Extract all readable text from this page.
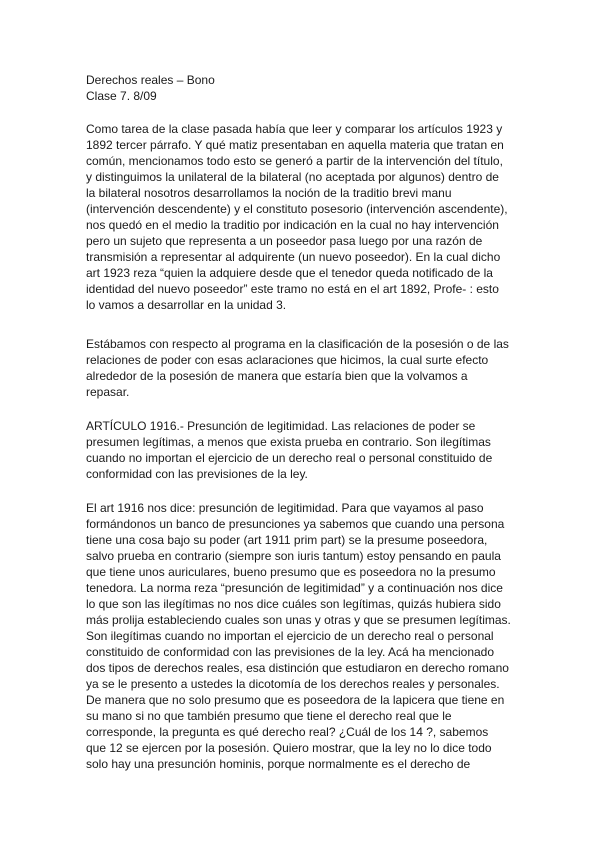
Derechos reales – Bono
Clase 7. 8/09
Como tarea de la clase pasada había que leer y comparar los artículos 1923 y
1892 tercer párrafo. Y qué matiz presentaban en aquella materia que tratan en
común, mencionamos todo esto se generó a partir de la intervención del título,
y distinguimos la unilateral de la bilateral (no aceptada por algunos) dentro de
la bilateral nosotros desarrollamos la noción de la traditio brevi manu
(intervención descendente) y el constituto posesorio (intervención ascendente),
nos quedó en el medio la traditio por indicación en la cual no hay intervención
pero un sujeto que representa a un poseedor pasa luego por una razón de
transmisión a representar al adquirente (un nuevo poseedor). En la cual dicho
art 1923 reza “quien la adquiere desde que el tenedor queda notificado de la
identidad del nuevo poseedor” este tramo no está en el art 1892, Profe- : esto
lo vamos a desarrollar en la unidad 3.
Estábamos con respecto al programa en la clasificación de la posesión o de las
relaciones de poder con esas aclaraciones que hicimos, la cual surte efecto
alrededor de la posesión de manera que estaría bien que la volvamos a
repasar.
ARTÍCULO 1916.- Presunción de legitimidad. Las relaciones de poder se
presumen legítimas, a menos que exista prueba en contrario. Son ilegítimas
cuando no importan el ejercicio de un derecho real o personal constituido de
conformidad con las previsiones de la ley.
El art 1916 nos dice: presunción de legitimidad. Para que vayamos al paso
formándonos un banco de presunciones ya sabemos que cuando una persona
tiene una cosa bajo su poder (art 1911 prim part) se la presume poseedora,
salvo prueba en contrario (siempre son iuris tantum) estoy pensando en paula
que tiene unos auriculares, bueno presumo que es poseedora no la presumo
tenedora. La norma reza “presunción de legitimidad” y a continuación nos dice
lo que son las ilegítimas no nos dice cuáles son legítimas, quizás hubiera sido
más prolija estableciendo cuales son unas y otras y que se presumen legítimas.
Son ilegítimas cuando no importan el ejercicio de un derecho real o personal
constituido de conformidad con las previsiones de la ley. Acá ha mencionado
dos tipos de derechos reales, esa distinción que estudiaron en derecho romano
ya se le presento a ustedes la dicotomía de los derechos reales y personales.
De manera que no solo presumo que es poseedora de la lapicera que tiene en
su mano si no que también presumo que tiene el derecho real que le
corresponde, la pregunta es qué derecho real? ¿Cuál de los 14 ?, sabemos
que 12 se ejercen por la posesión. Quiero mostrar, que la ley no lo dice todo
solo hay una presunción hominis, porque normalmente es el derecho de
